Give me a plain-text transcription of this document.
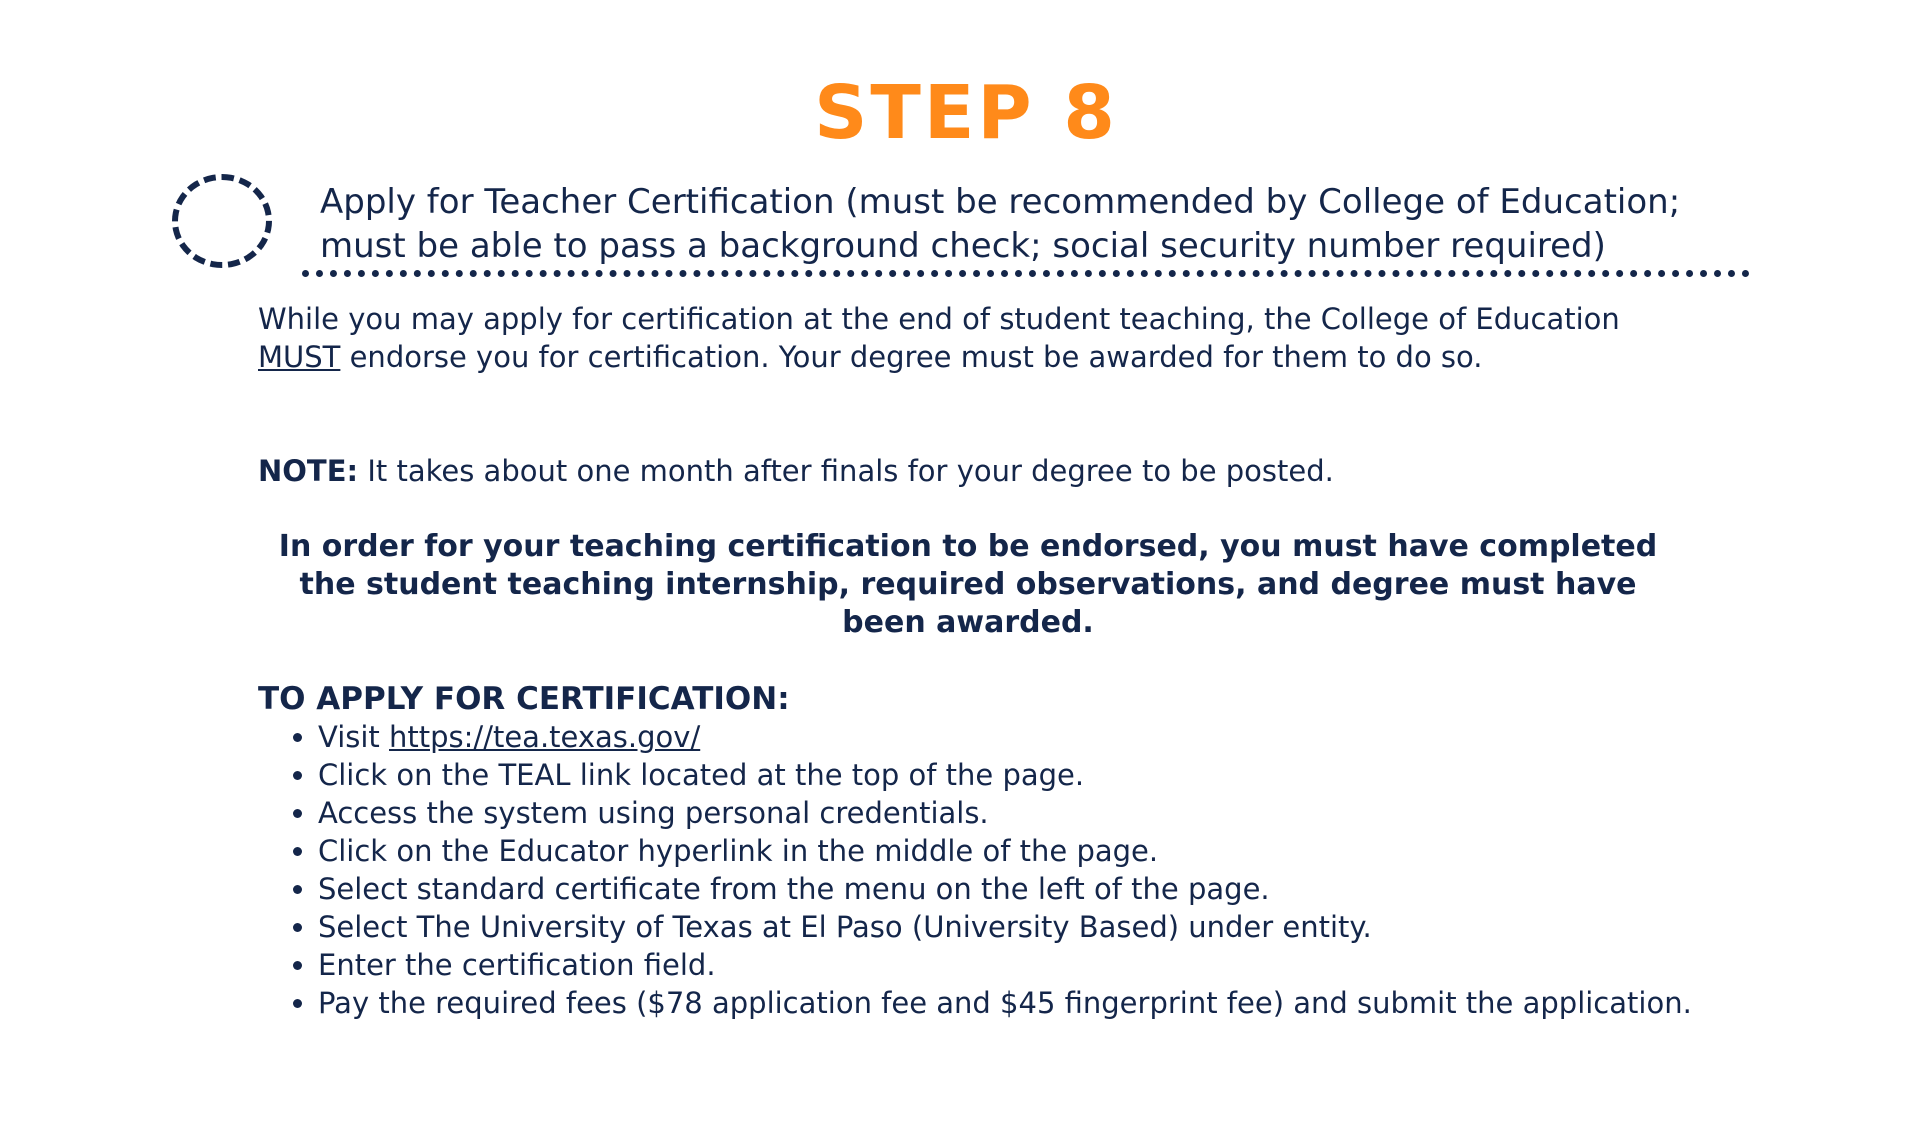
STEP 8

Apply for Teacher Certification (must be recommended by College of Education; must be able to pass a background check; social security number required)

While you may apply for certification at the end of student teaching, the College of Education MUST endorse you for certification. Your degree must be awarded for them to do so.

NOTE: It takes about one month after finals for your degree to be posted.

In order for your teaching certification to be endorsed, you must have completed the student teaching internship, required observations, and degree must have been awarded.

TO APPLY FOR CERTIFICATION:

• Visit https://tea.texas.gov/
• Click on the TEAL link located at the top of the page.
• Access the system using personal credentials.
• Click on the Educator hyperlink in the middle of the page.
• Select standard certificate from the menu on the left of the page.
• Select The University of Texas at El Paso (University Based) under entity.
• Enter the certification field.
• Pay the required fees ($78 application fee and $45 fingerprint fee) and submit the application.
